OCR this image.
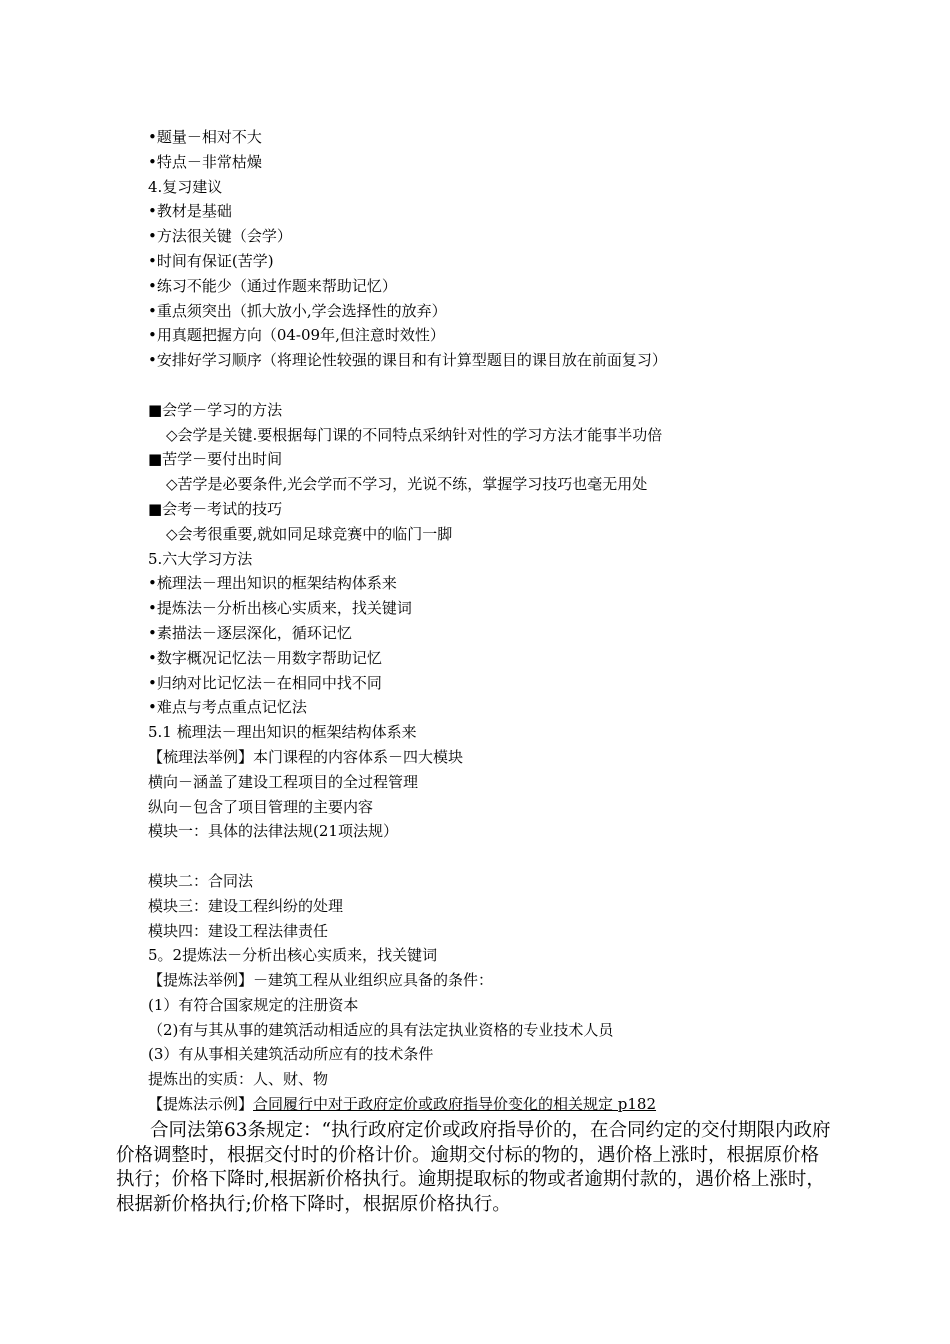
•题量－相对不大
•特点－非常枯燥
4.复习建议
•教材是基础
•方法很关键（会学）
•时间有保证(苦学)
•练习不能少（通过作题来帮助记忆）
•重点须突出（抓大放小,学会选择性的放弃）
•用真题把握方向（04-09年,但注意时效性）
•安排好学习顺序（将理论性较强的课目和有计算型题目的课目放在前面复习）
■会学－学习的方法
◇会学是关键.要根据每门课的不同特点采纳针对性的学习方法才能事半功倍
■苦学－要付出时间
◇苦学是必要条件,光会学而不学习，光说不练，掌握学习技巧也毫无用处
■会考－考试的技巧
◇会考很重要,就如同足球竞赛中的临门一脚
5.六大学习方法
•梳理法－理出知识的框架结构体系来
•提炼法－分析出核心实质来，找关键词
•素描法－逐层深化，循环记忆
•数字概况记忆法－用数字帮助记忆
•归纳对比记忆法－在相同中找不同
•难点与考点重点记忆法
5.1 梳理法－理出知识的框架结构体系来
【梳理法举例】本门课程的内容体系－四大模块
横向－涵盖了建设工程项目的全过程管理
纵向－包含了项目管理的主要内容
模块一：具体的法律法规(21项法规）
模块二：合同法
模块三：建设工程纠纷的处理
模块四：建设工程法律责任
5。2提炼法－分析出核心实质来，找关键词
【提炼法举例】－建筑工程从业组织应具备的条件：
(1）有符合国家规定的注册资本
（2)有与其从事的建筑活动相适应的具有法定执业资格的专业技术人员
(3）有从事相关建筑活动所应有的技术条件
提炼出的实质：人、财、物
【提炼法示例】合同履行中对于政府定价或政府指导价变化的相关规定 p182

合同法第63条规定：“执行政府定价或政府指导价的，在合同约定的交付期限内政府价格调整时，根据交付时的价格计价。逾期交付标的物的，遇价格上涨时，根据原价格执行；价格下降时,根据新价格执行。逾期提取标的物或者逾期付款的，遇价格上涨时，根据新价格执行;价格下降时，根据原价格执行。
